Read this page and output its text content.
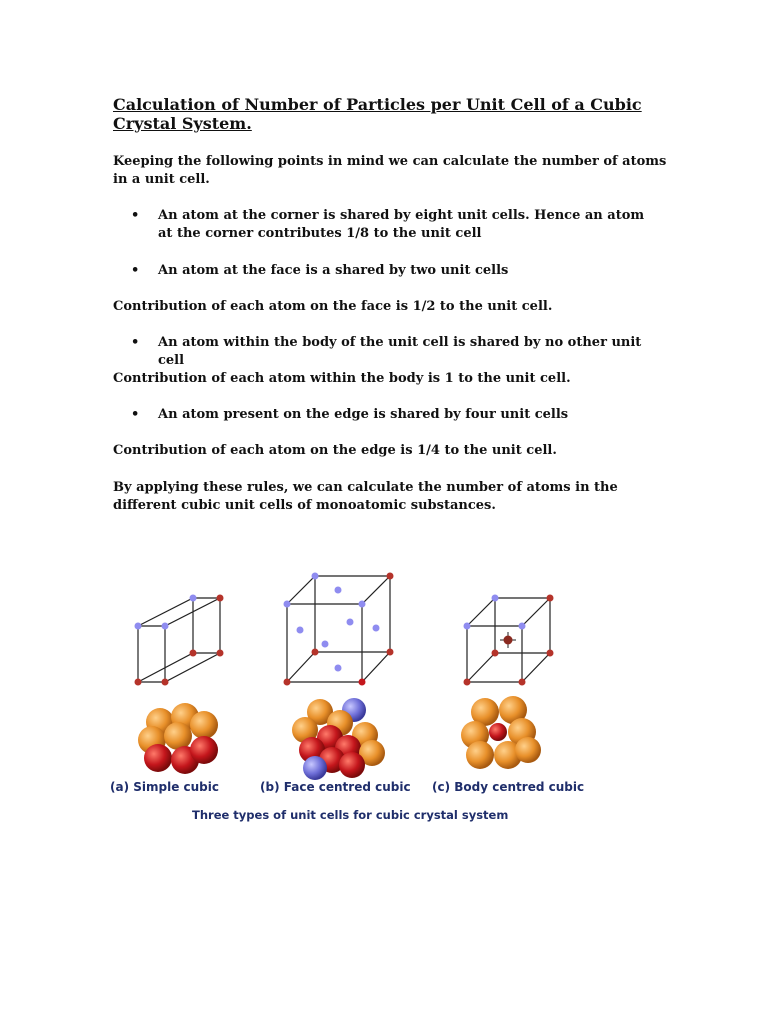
Calculation of Number of Particles per Unit Cell of a Cubic Crystal System.

Keeping the following points in mind we can calculate the number of atoms in a unit cell.

• An atom at the corner is shared by eight unit cells. Hence an atom at the corner contributes 1/8 to the unit cell

• An atom at the face is a shared by two unit cells

Contribution of each atom on the face is 1/2 to the unit cell.

• An atom within the body of the unit cell is shared by no other unit cell

Contribution of each atom within the body is 1 to the unit cell.

• An atom present on the edge is shared by four unit cells

Contribution of each atom on the edge is 1/4 to the unit cell.

By applying these rules, we can calculate the number of atoms in the different cubic unit cells of monoatomic substances.

(a) Simple cubic	(b) Face centred cubic (c) Body centred cubic
Three types of unit cells for cubic crystal system
